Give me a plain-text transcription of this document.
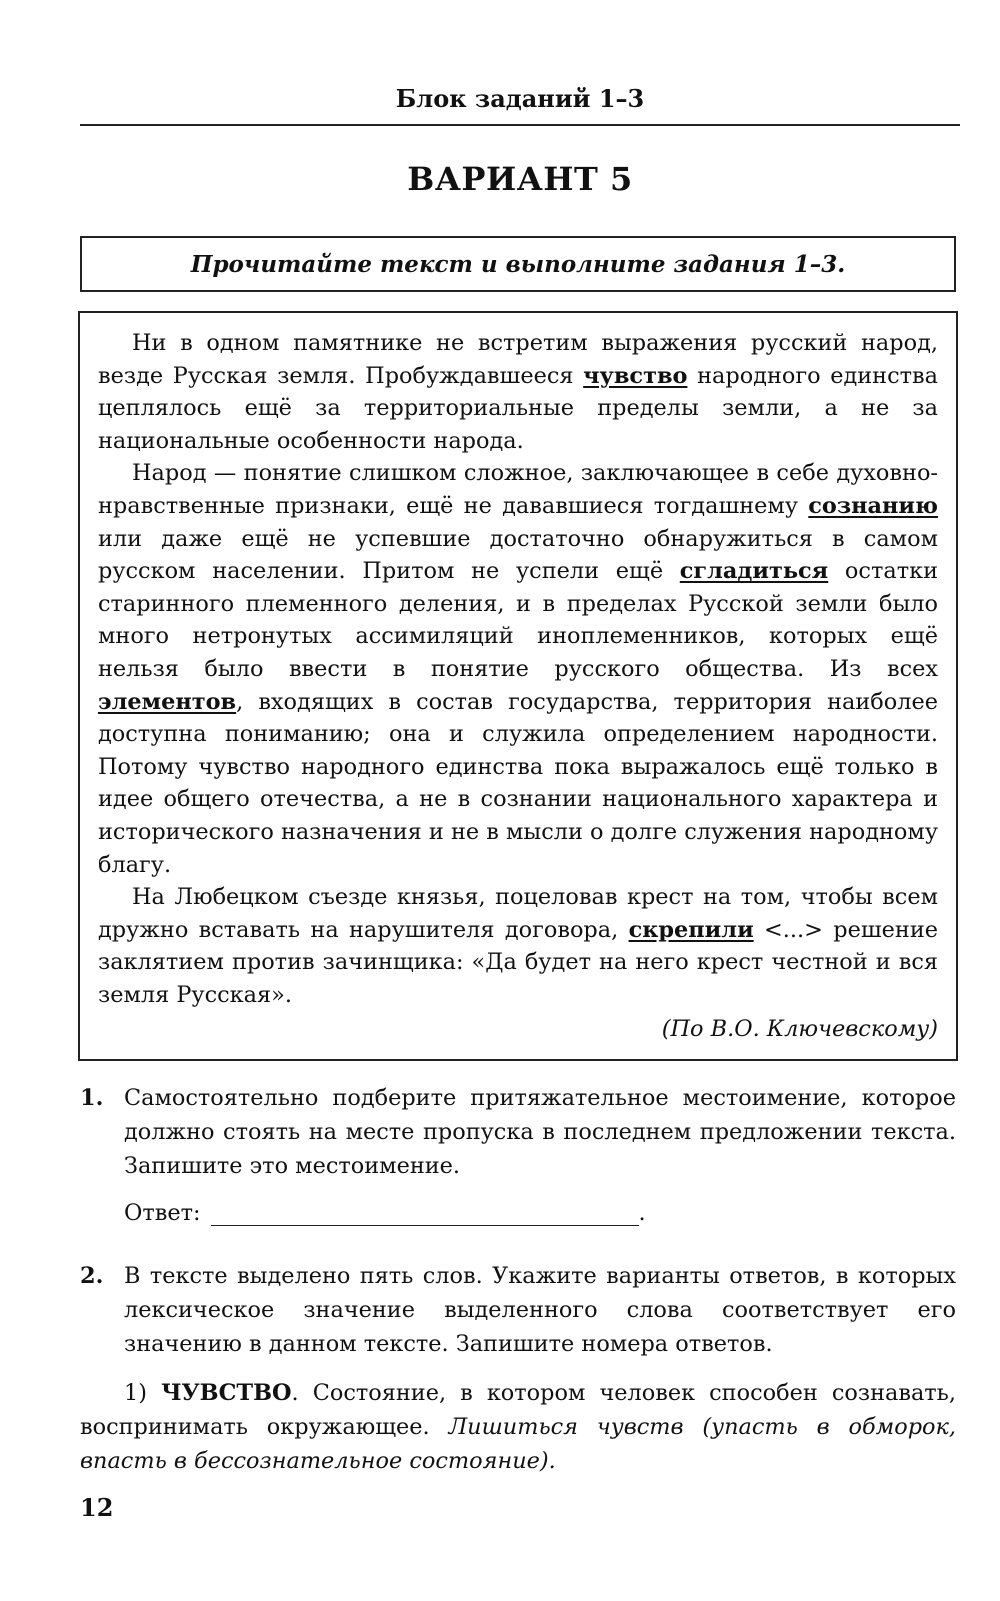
Блок заданий 1–3
ВАРИАНТ 5
Прочитайте текст и выполните задания 1–3.

Ни в одном памятнике не встретим выражения русский народ, везде Русская земля. Пробуждавшееся чувство народного единства цеплялось ещё за территориальные пределы земли, а не за национальные особенности народа.

Народ — понятие слишком сложное, заключающее в себе духовно-нравственные признаки, ещё не дававшиеся тогдашнему сознанию или даже ещё не успевшие достаточно обнаружиться в самом русском населении. Притом не успели ещё сгладиться остатки старинного племенного деления, и в пределах Русской земли было много нетронутых ассимиляций иноплеменников, которых ещё нельзя было ввести в понятие русского общества. Из всех элементов, входящих в состав государства, территория наиболее доступна пониманию; она и служила определением народности. Потому чувство народного единства пока выражалось ещё только в идее общего отечества, а не в сознании национального характера и исторического назначения и не в мысли о долге служения народному благу.

На Любецком съезде князья, поцеловав крест на том, чтобы всем дружно вставать на нарушителя договора, скрепили <...> решение заклятием против зачинщика: «Да будет на него крест честной и вся земля Русская».

(По В.О. Ключевскому)
1. Самостоятельно подберите притяжательное местоимение, которое должно стоять на месте пропуска в последнем предложении текста. Запишите это местоимение.
Ответ:	.
2. В тексте выделено пять слов. Укажите варианты ответов, в которых лексическое значение выделенного слова соответствует его значению в данном тексте. Запишите номера ответов.
1) ЧУВСТВО. Состояние, в котором человек способен сознавать, воспринимать окружающее. Лишиться чувств (упасть в обморок, впасть в бессознательное состояние).
12
